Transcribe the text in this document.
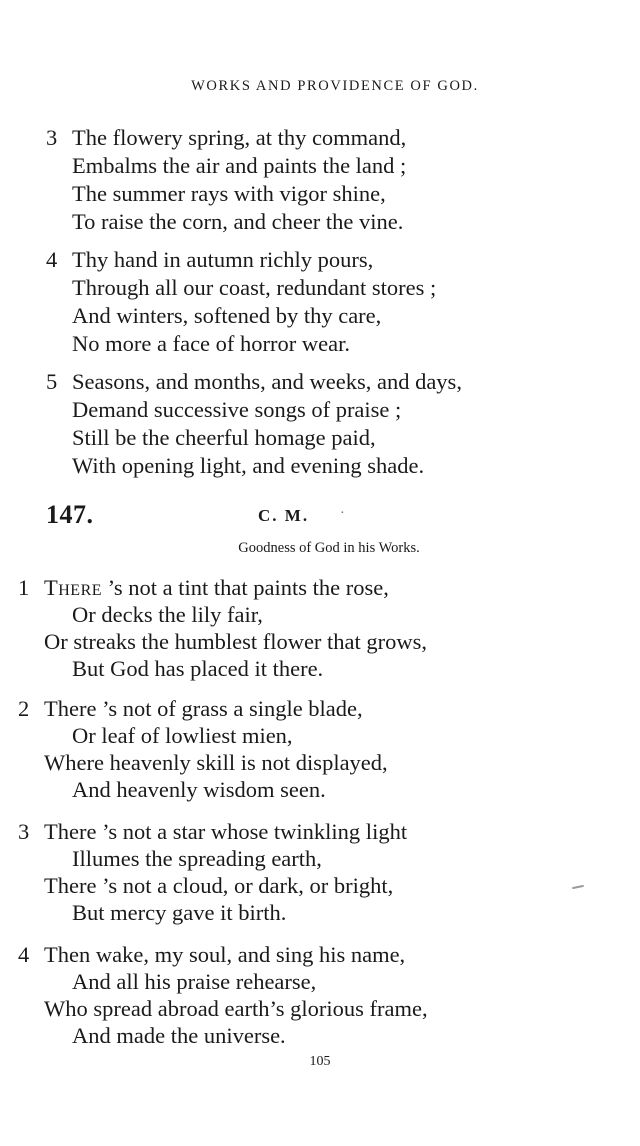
WORKS AND PROVIDENCE OF GOD.
3 The flowery spring, at thy command,
Embalms the air and paints the land ;
The summer rays with vigor shine,
To raise the corn, and cheer the vine.
4 Thy hand in autumn richly pours,
Through all our coast, redundant stores ;
And winters, softened by thy care,
No more a face of horror wear.
5 Seasons, and months, and weeks, and days,
Demand successive songs of praise ;
Still be the cheerful homage paid,
With opening light, and evening shade.
147.	C. M. ·
Goodness of God in his Works.
1 There ’s not a tint that paints the rose,
Or decks the lily fair,
Or streaks the humblest flower that grows,
But God has placed it there.
2 There ’s not of grass a single blade,
Or leaf of lowliest mien,
Where heavenly skill is not displayed,
And heavenly wisdom seen.
3 There ’s not a star whose twinkling light
Illumes the spreading earth,
There ’s not a cloud, or dark, or bright,
But mercy gave it birth.
4 Then wake, my soul, and sing his name,
And all his praise rehearse,
Who spread abroad earth’s glorious frame,
And made the universe.
105
